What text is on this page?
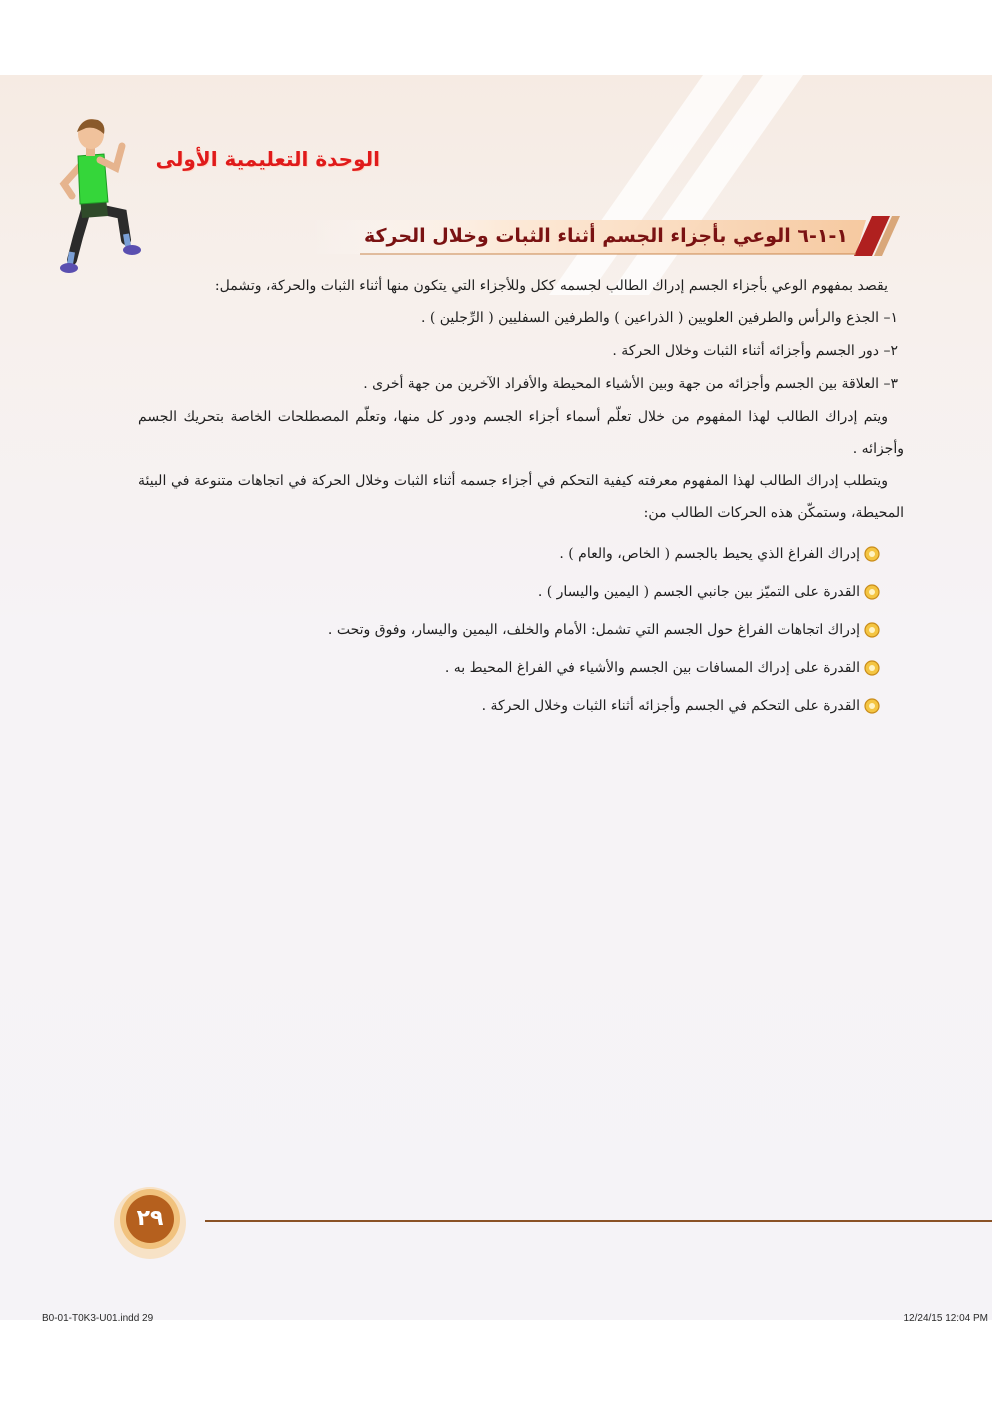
الوحدة التعليمية الأولى
١-١-٦ الوعي بأجزاء الجسم أثناء الثبات وخلال الحركة

يقصد بمفهوم الوعي بأجزاء الجسم إدراك الطالب لجسمه ككل وللأجزاء التي يتكون منها أثناء الثبات والحركة، وتشمل:

١– الجذع والرأس والطرفين العلويين ( الذراعين ) والطرفين السفليين ( الرِّجلين ) .

٢– دور الجسم وأجزائه أثناء الثبات وخلال الحركة .

٣– العلاقة بين الجسم وأجزائه من جهة وبين الأشياء المحيطة والأفراد الآخرين من جهة أخرى .

ويتم إدراك الطالب لهذا المفهوم من خلال تعلّم أسماء أجزاء الجسم ودور كل منها، وتعلّم المصطلحات الخاصة بتحريك الجسم وأجزائه .

ويتطلب إدراك الطالب لهذا المفهوم معرفته كيفية التحكم في أجزاء جسمه أثناء الثبات وخلال الحركة في اتجاهات متنوعة في البيئة المحيطة، وستمكّن هذه الحركات الطالب من:

إدراك الفراغ الذي يحيط بالجسم ( الخاص، والعام ) .
القدرة على التميّز بين جانبي الجسم ( اليمين واليسار ) .
إدراك اتجاهات الفراغ حول الجسم التي تشمل: الأمام والخلف، اليمين واليسار، وفوق وتحت .
القدرة على إدراك المسافات بين الجسم والأشياء في الفراغ المحيط به .
القدرة على التحكم في الجسم وأجزائه أثناء الثبات وخلال الحركة .
٢٩
B0-01-T0K3-U01.indd 29	12/24/15 12:04 PM
